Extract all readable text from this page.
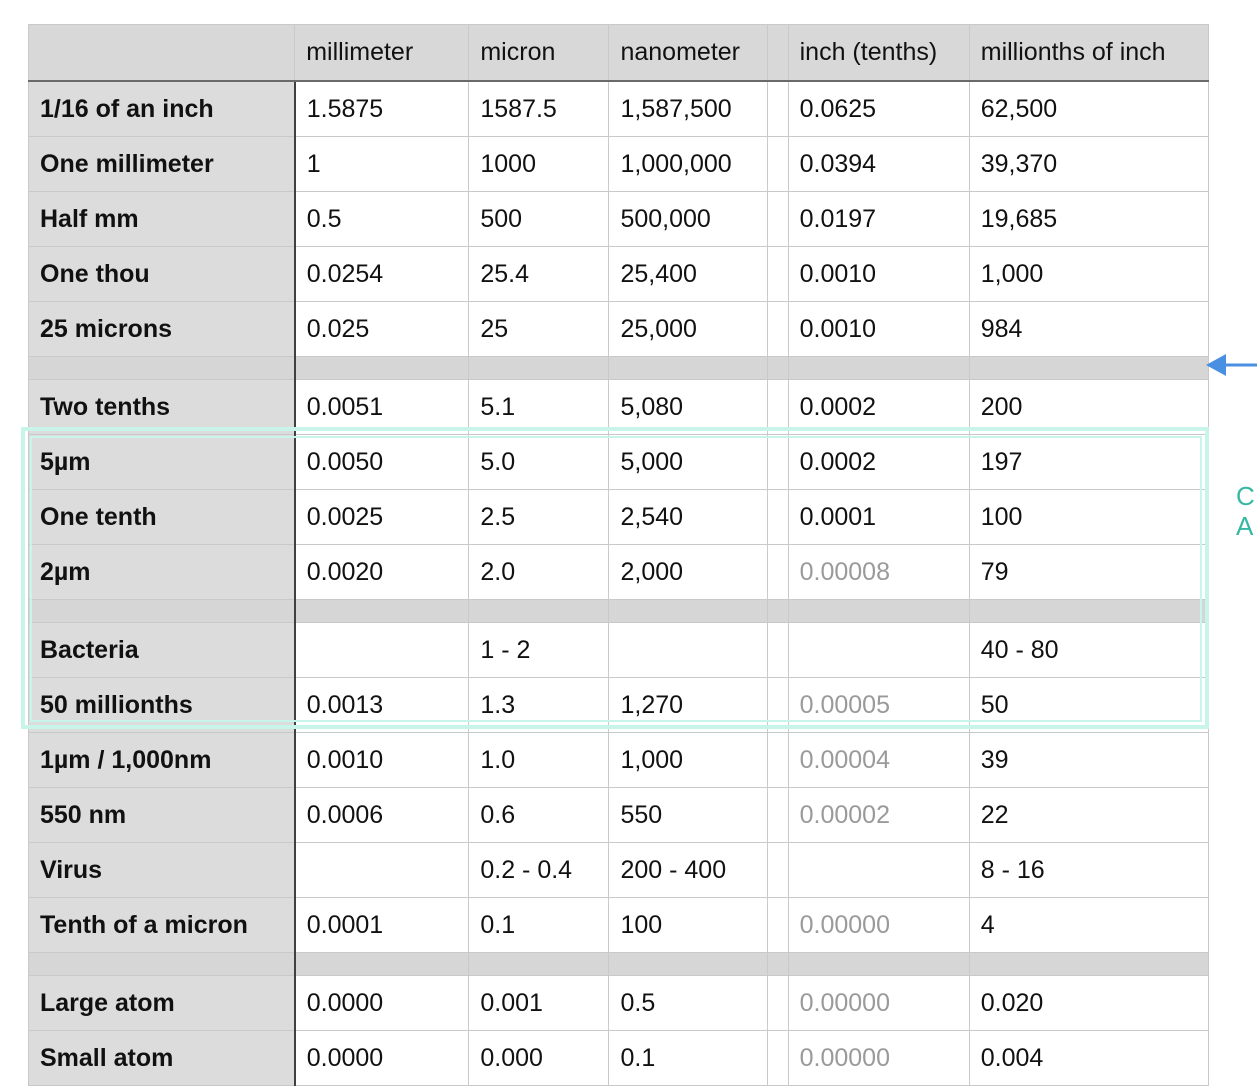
	millimeter	micron	nanometer		inch (tenths)	millionths of inch
1/16 of an inch	1.5875	1587.5	1,587,500		0.0625	62,500
One millimeter	1	1000	1,000,000		0.0394	39,370
Half mm	0.5	500	500,000		0.0197	19,685
One thou	0.0254	25.4	25,400		0.0010	1,000
25 microns	0.025	25	25,000		0.0010	984

Two tenths	0.0051	5.1	5,080		0.0002	200
5µm	0.0050	5.0	5,000		0.0002	197
One tenth	0.0025	2.5	2,540		0.0001	100
2µm	0.0020	2.0	2,000		0.00008	79

Bacteria		1 - 2				40 - 80
50 millionths	0.0013	1.3	1,270		0.00005	50
1µm / 1,000nm	0.0010	1.0	1,000		0.00004	39
550 nm	0.0006	0.6	550		0.00002	22
Virus		0.2 - 0.4	200 - 400			8 - 16
Tenth of a micron	0.0001	0.1	100		0.00000	4

Large atom	0.0000	0.001	0.5		0.00000	0.020
Small atom	0.0000	0.000	0.1		0.00000	0.004
C
A
